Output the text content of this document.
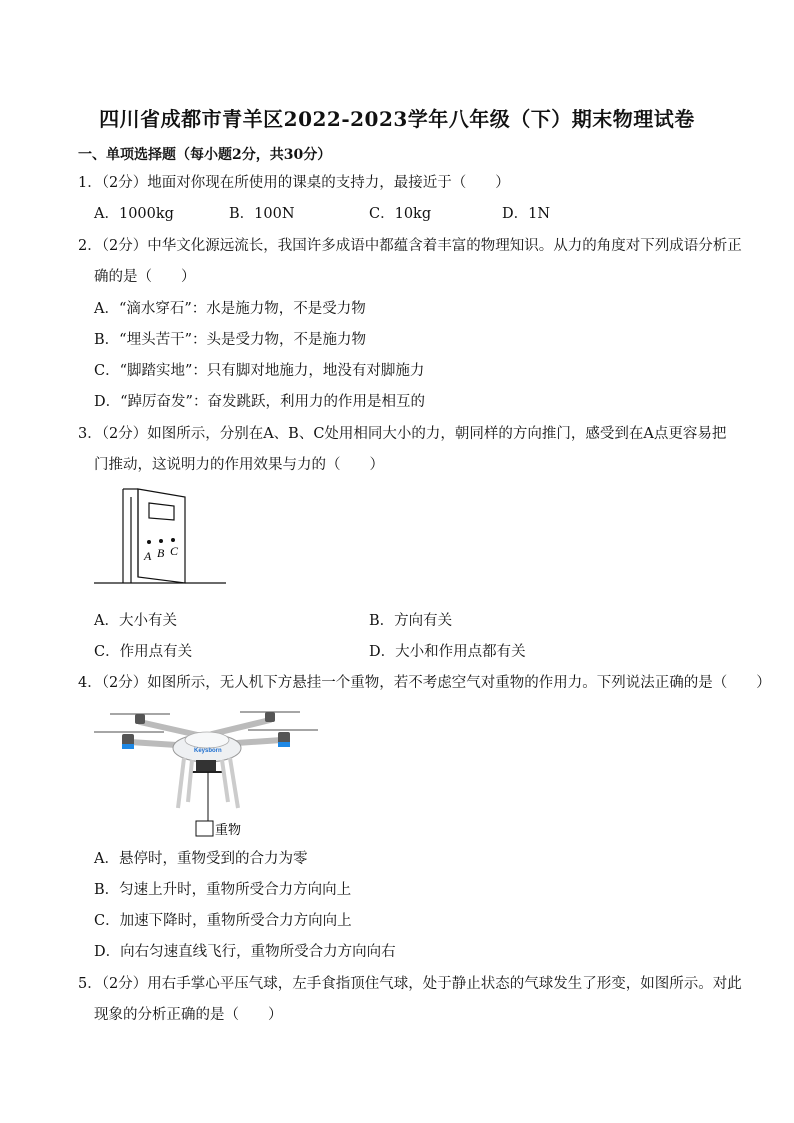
四川省成都市青羊区2022-2023学年八年级（下）期末物理试卷
一、单项选择题（每小题2分，共30分）
1．（2分）地面对你现在所使用的课桌的支持力，最接近于（　　）
A．1000kg	B．100N	C．10kg	D．1N
2．（2分）中华文化源远流长，我国许多成语中都蕴含着丰富的物理知识。从力的角度对下列成语分析正
确的是（　　）
A．“滴水穿石”：水是施力物，不是受力物
B．“埋头苦干”：头是受力物，不是施力物
C．“脚踏实地”：只有脚对地施力，地没有对脚施力
D．“踔厉奋发”：奋发跳跃，利用力的作用是相互的
3．（2分）如图所示，分别在A、B、C处用相同大小的力，朝同样的方向推门，感受到在A点更容易把
门推动，这说明力的作用效果与力的（　　）
A B C
A．大小有关	B．方向有关
C．作用点有关	D．大小和作用点都有关
4．（2分）如图所示，无人机下方悬挂一个重物，若不考虑空气对重物的作用力。下列说法正确的是（　　）
Keysborn
重物
A．悬停时，重物受到的合力为零
B．匀速上升时，重物所受合力方向向上
C．加速下降时，重物所受合力方向向上
D．向右匀速直线飞行，重物所受合力方向向右
5．（2分）用右手掌心平压气球，左手食指顶住气球，处于静止状态的气球发生了形变，如图所示。对此
现象的分析正确的是（　　）
